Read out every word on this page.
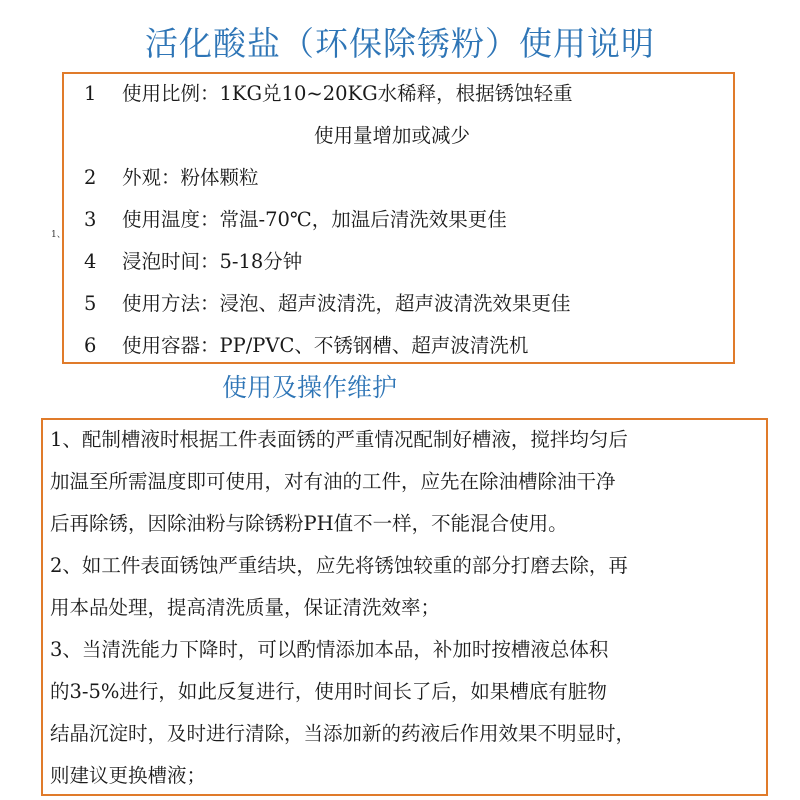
活化酸盐（环保除锈粉）使用说明
1 使用比例：1KG兑10~20KG水稀释，根据锈蚀轻重
使用量增加或减少
2 外观：粉体颗粒
3 使用温度：常温-70℃，加温后清洗效果更佳
4 浸泡时间：5-18分钟
5 使用方法：浸泡、超声波清洗，超声波清洗效果更佳
6 使用容器：PP/PVC、不锈钢槽、超声波清洗机
1、
使用及操作维护
1、配制槽液时根据工件表面锈的严重情况配制好槽液，搅拌均匀后
加温至所需温度即可使用，对有油的工件，应先在除油槽除油干净
后再除锈，因除油粉与除锈粉PH值不一样，不能混合使用。
2、如工件表面锈蚀严重结块，应先将锈蚀较重的部分打磨去除，再
用本品处理，提高清洗质量，保证清洗效率；
3、当清洗能力下降时，可以酌情添加本品，补加时按槽液总体积
的3-5%进行，如此反复进行，使用时间长了后，如果槽底有脏物
结晶沉淀时，及时进行清除，当添加新的药液后作用效果不明显时，
则建议更换槽液；
